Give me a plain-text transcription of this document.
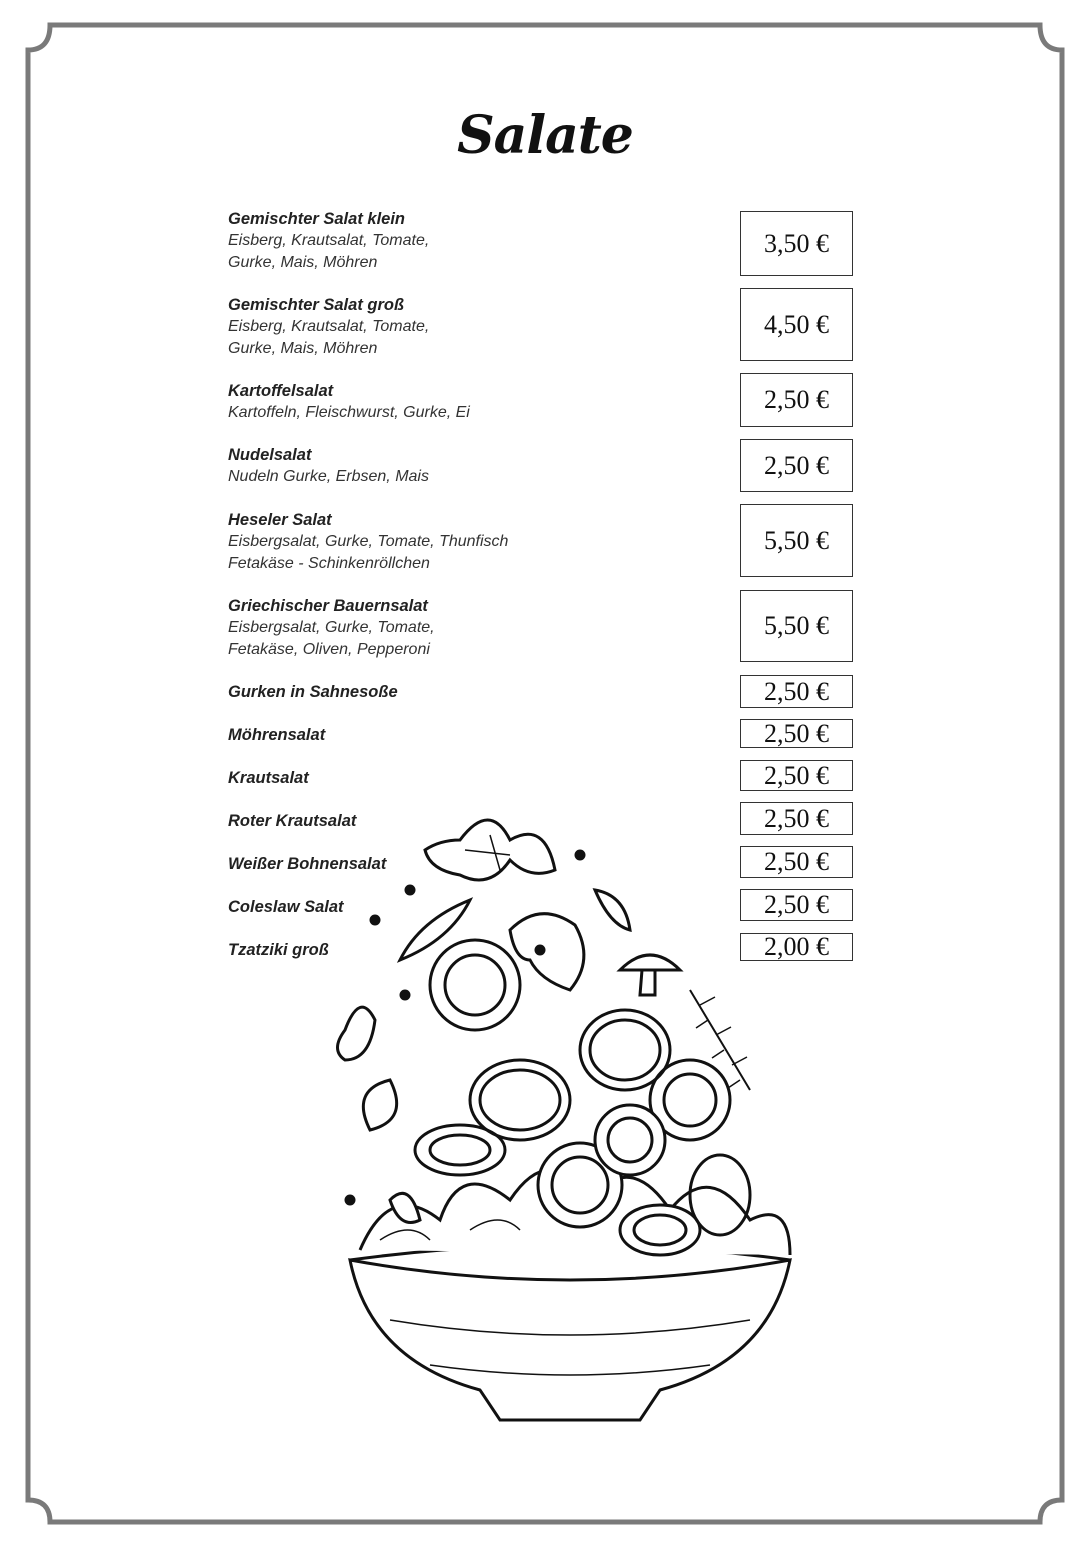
Salate
Gemischter Salat klein
Eisberg, Krautsalat, Tomate,
Gurke, Mais, Möhren
3,50 €
Gemischter Salat groß
Eisberg, Krautsalat, Tomate,
Gurke, Mais, Möhren
4,50 €
Kartoffelsalat
Kartoffeln, Fleischwurst, Gurke, Ei	2,50 €
Nudelsalat
Nudeln Gurke, Erbsen, Mais	2,50 €
Heseler Salat
Eisbergsalat, Gurke, Tomate, Thunfisch
Fetakäse - Schinkenröllchen
5,50 €
Griechischer Bauernsalat
Eisbergsalat, Gurke, Tomate,
Fetakäse, Oliven, Pepperoni
5,50 €
Gurken in Sahnesoße	2,50 €
Möhrensalat	2,50 €
Krautsalat	2,50 €
Roter Krautsalat	2,50 €
Weißer Bohnensalat	2,50 €
Coleslaw Salat	2,50 €
Tzatziki groß	2,00 €
